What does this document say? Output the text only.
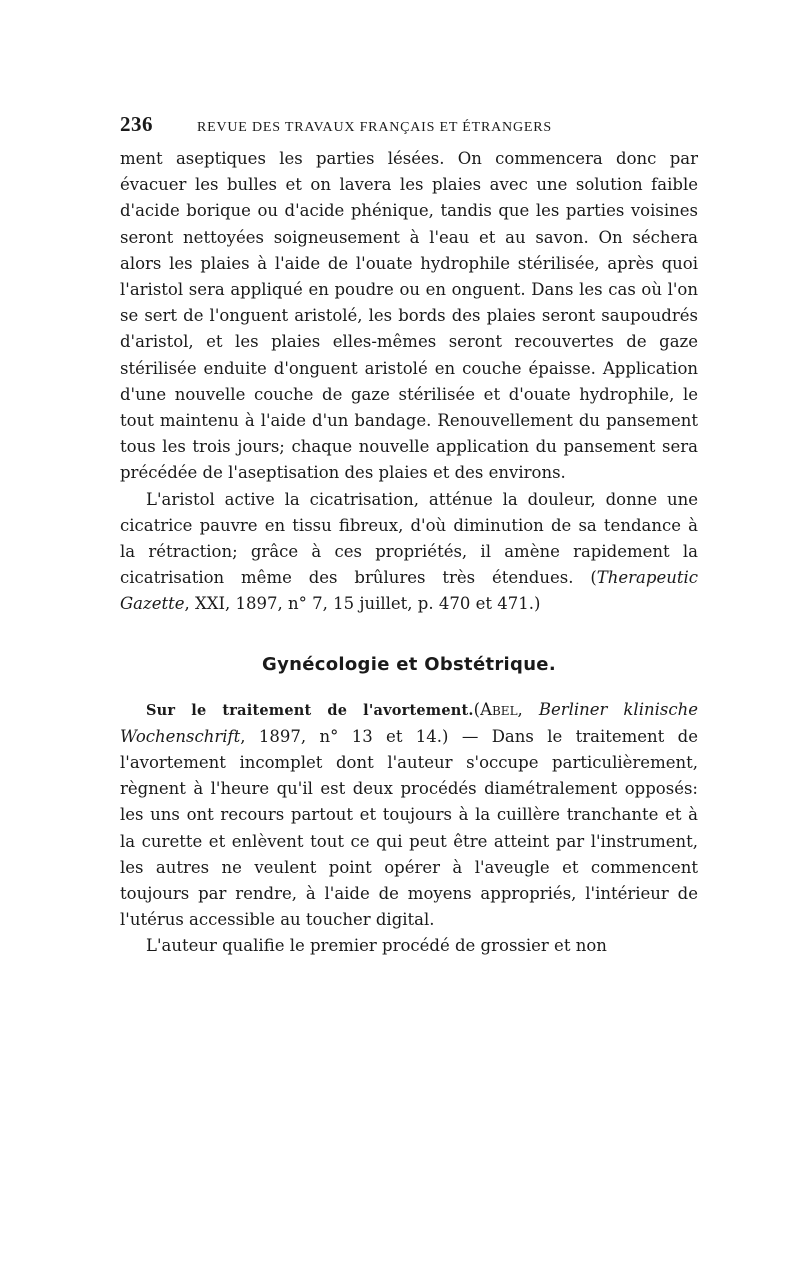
236	REVUE DES TRAVAUX FRANÇAIS ET ÉTRANGERS

ment aseptiques les parties lésées. On commencera donc par évacuer les bulles et on lavera les plaies avec une solution faible d'acide borique ou d'acide phénique, tandis que les parties voisines seront nettoyées soigneusement à l'eau et au savon. On séchera alors les plaies à l'aide de l'ouate hydrophile stérilisée, après quoi l'aristol sera appliqué en poudre ou en onguent. Dans les cas où l'on se sert de l'onguent aristolé, les bords des plaies seront saupoudrés d'aristol, et les plaies elles-mêmes seront recouvertes de gaze stérilisée enduite d'onguent aristolé en couche épaisse. Application d'une nouvelle couche de gaze stérilisée et d'ouate hydrophile, le tout maintenu à l'aide d'un bandage. Renouvellement du pansement tous les trois jours; chaque nouvelle application du pansement sera précédée de l'aseptisation des plaies et des environs.

L'aristol active la cicatrisation, atténue la douleur, donne une cicatrice pauvre en tissu fibreux, d'où diminution de sa tendance à la rétraction; grâce à ces propriétés, il amène rapidement la cicatrisation même des brûlures très étendues. (Therapeutic Gazette, XXI, 1897, n° 7, 15 juillet, p. 470 et 471.)

Gynécologie et Obstétrique.

Sur le traitement de l'avortement.(Abel, Berliner klinische Wochenschrift, 1897, n° 13 et 14.) — Dans le traitement de l'avortement incomplet dont l'auteur s'occupe particulièrement, règnent à l'heure qu'il est deux procédés diamétralement opposés: les uns ont recours partout et toujours à la cuillère tranchante et à la curette et enlèvent tout ce qui peut être atteint par l'instrument, les autres ne veulent point opérer à l'aveugle et commencent toujours par rendre, à l'aide de moyens appropriés, l'intérieur de l'utérus accessible au toucher digital.

L'auteur qualifie le premier procédé de grossier et non
